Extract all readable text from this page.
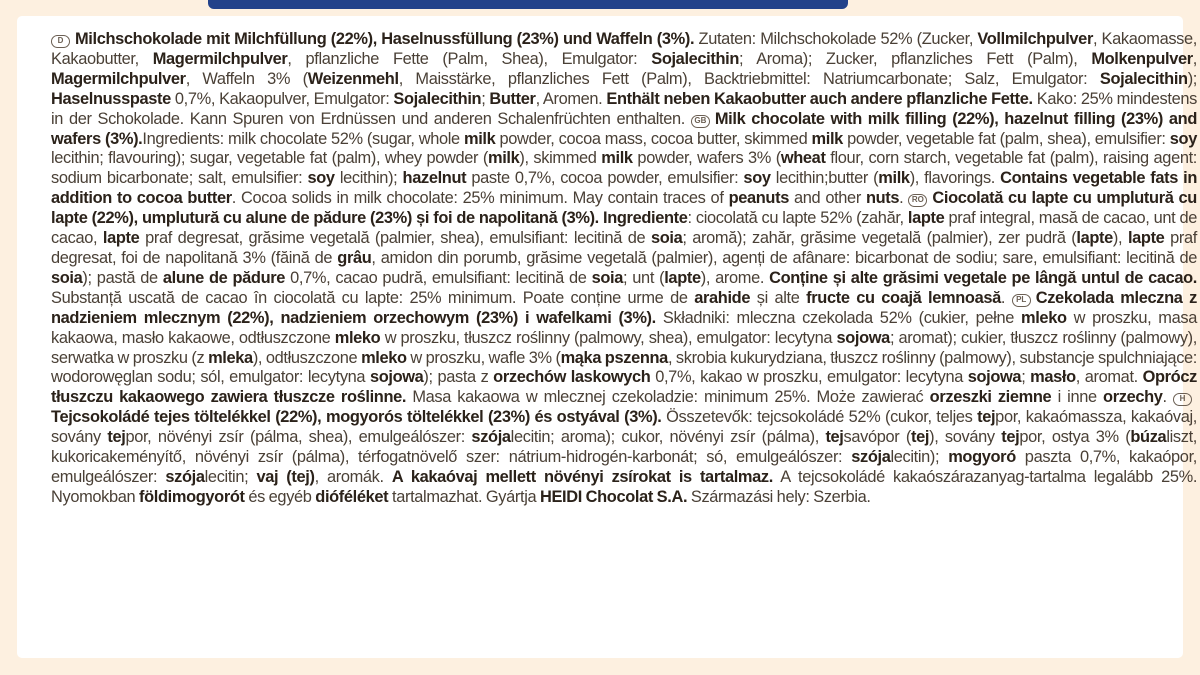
D Milchschokolade mit Milchfüllung (22%), Haselnussfüllung (23%) und Waffeln (3%). Zutaten: Milchschokolade 52% (Zucker, Vollmilchpulver, Kakaomasse, Kakaobutter, Magermilchpulver, pflanzliche Fette (Palm, Shea), Emulgator: Sojalecithin; Aroma); Zucker, pflanzliches Fett (Palm), Molkenpulver, Magermilchpulver, Waffeln 3% (Weizenmehl, Maisstärke, pflanzliches Fett (Palm), Backtriebmittel: Natriumcarbonate; Salz, Emulgator: Sojalecithin); Haselnusspaste 0,7%, Kakaopulver, Emulgator: Sojalecithin; Butter, Aromen. Enthält neben Kakaobutter auch andere pflanzliche Fette. Kako: 25% mindestens in der Schokolade. Kann Spuren von Erdnüssen und anderen Schalenfrüchten enthalten. GB Milk chocolate with milk filling (22%), hazelnut filling (23%) and wafers (3%).Ingredients: milk chocolate 52% (sugar, whole milk powder, cocoa mass, cocoa butter, skimmed milk powder, vegetable fat (palm, shea), emulsifier: soy lecithin; flavouring); sugar, vegetable fat (palm), whey powder (milk), skimmed milk powder, wafers 3% (wheat flour, corn starch, vegetable fat (palm), raising agent: sodium bicarbonate; salt, emulsifier: soy lecithin); hazelnut paste 0,7%, cocoa powder, emulsifier: soy lecithin;butter (milk), flavorings. Contains vegetable fats in addition to cocoa butter. Cocoa solids in milk chocolate: 25% minimum. May contain traces of peanuts and other nuts. RO Ciocolată cu lapte cu umplutură cu lapte (22%), umplutură cu alune de pădure (23%) și foi de napolitană (3%). Ingrediente: ciocolată cu lapte 52% (zahăr, lapte praf integral, masă de cacao, unt de cacao, lapte praf degresat, grăsime vegetală (palmier, shea), emulsifiant: lecitină de soia; aromă); zahăr, grăsime vegetală (palmier), zer pudră (lapte), lapte praf degresat, foi de napolitană 3% (făină de grâu, amidon din porumb, grăsime vegetală (palmier), agenți de afânare: bicarbonat de sodiu; sare, emulsifiant: lecitină de soia); pastă de alune de pădure 0,7%, cacao pudră, emulsifiant: lecitină de soia; unt (lapte), arome. Conține și alte grăsimi vegetale pe lângă untul de cacao. Substanță uscată de cacao în ciocolată cu lapte: 25% minimum. Poate conține urme de arahide și alte fructe cu coajă lemnoasă. PL Czekolada mleczna z nadzieniem mlecznym (22%), nadzieniem orzechowym (23%) i wafelkami (3%). Składniki: mleczna czekolada 52% (cukier, pełne mleko w proszku, masa kakaowa, masło kakaowe, odtłuszczone mleko w proszku, tłuszcz roślinny (palmowy, shea), emulgator: lecytyna sojowa; aromat); cukier, tłuszcz roślinny (palmowy), serwatka w proszku (z mleka), odtłuszczone mleko w proszku, wafle 3% (mąka pszenna, skrobia kukurydziana, tłuszcz roślinny (palmowy), substancje spulchniające: wodorowęglan sodu; sól, emulgator: lecytyna sojowa); pasta z orzechów laskowych 0,7%, kakao w proszku, emulgator: lecytyna sojowa; masło, aromat. Oprócz tłuszczu kakaowego zawiera tłuszcze roślinne. Masa kakaowa w mlecznej czekoladzie: minimum 25%. Może zawierać orzeszki ziemne i inne orzechy. HTejcsokoládé tejes töltelékkel (22%), mogyorós töltelékkel (23%) és ostyával (3%). Összetevők: tejcsokoládé 52% (cukor, teljes tejpor, kakaómassza, kakaóvaj, sovány tejpor, növényi zsír (pálma, shea), emulgeálószer: szójalecitin; aroma); cukor, növényi zsír (pálma), tejsavópor (tej), sovány tejpor, ostya 3% (búzaliszt, kukoricakeményítő, növényi zsír (pálma), térfogatnövelő szer: nátrium-hidrogén-karbonát; só, emulgeálószer: szójalecitin); mogyoró paszta 0,7%, kakaópor, emulgeálószer: szójalecitin; vaj (tej), aromák. A kakaóvaj mellett növényi zsírokat is tartalmaz. A tejcsokoládé kakaószárazanyag-tartalma legalább 25%. Nyomokban földimogyorót és egyéb dióféléket tartalmazhat. Gyártja HEIDI Chocolat S.A. Származási hely: Szerbia.
